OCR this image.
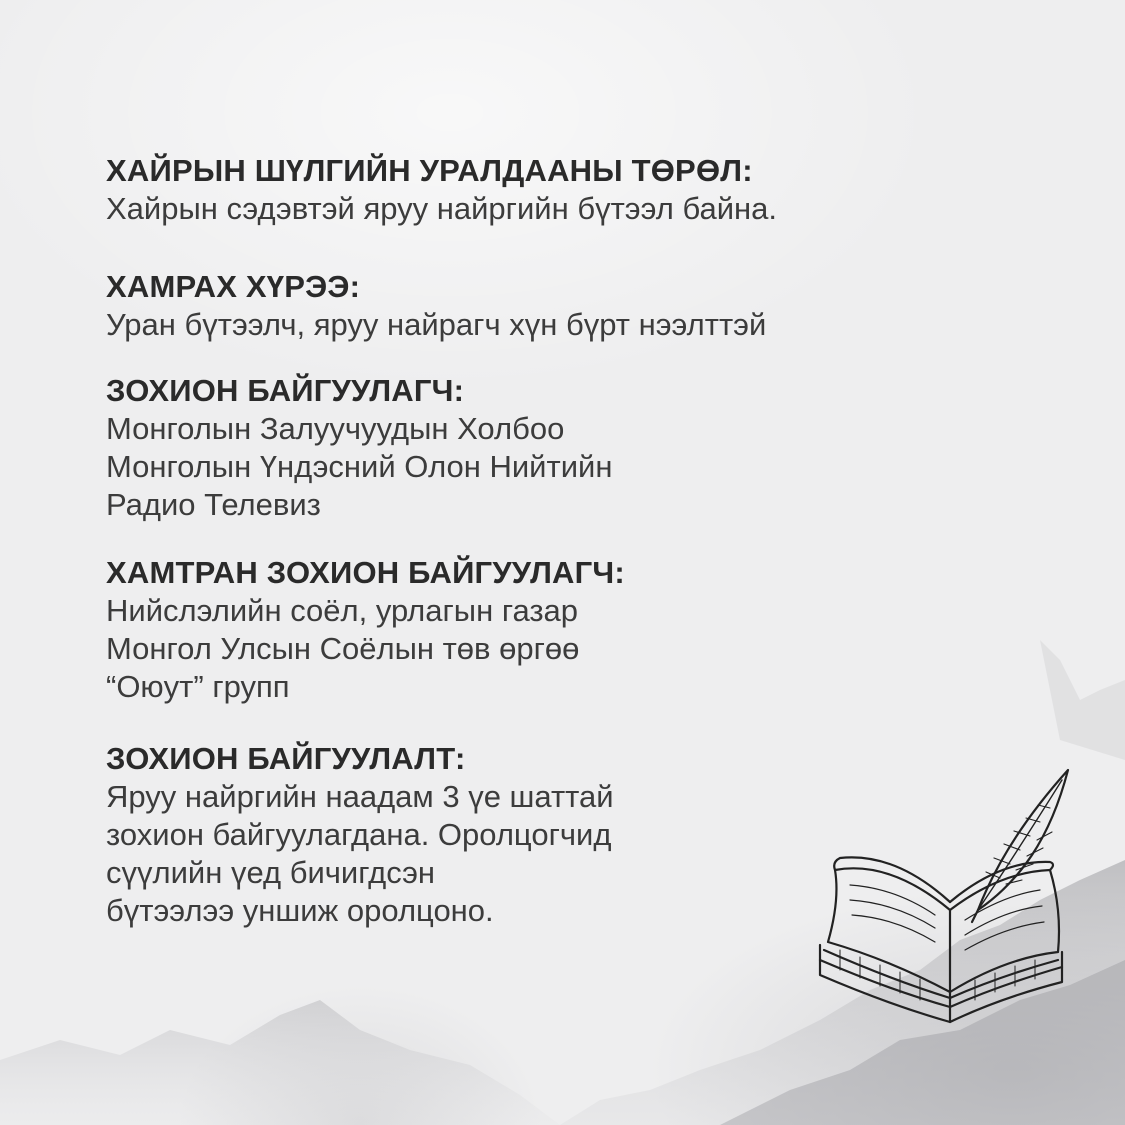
ХАЙРЫН ШҮЛГИЙН УРАЛДААНЫ ТӨРӨЛ:

Хайрын сэдэвтэй яруу найргийн бүтээл байна.

ХАМРАХ ХҮРЭЭ:

Уран бүтээлч, яруу найрагч хүн бүрт нээлттэй

ЗОХИОН БАЙГУУЛАГЧ:

Монголын Залуучуудын Холбоо

Монголын Үндэсний Олон Нийтийн

Радио Телевиз

ХАМТРАН ЗОХИОН БАЙГУУЛАГЧ:

Нийслэлийн соёл, урлагын газар

Монгол Улсын Соёлын төв өргөө

“Оюут” групп

ЗОХИОН БАЙГУУЛАЛТ:

Яруу найргийн наадам 3 үе шаттай

зохион байгуулагдана. Оролцогчид

сүүлийн үед бичигдсэн

бүтээлээ уншиж оролцоно.
